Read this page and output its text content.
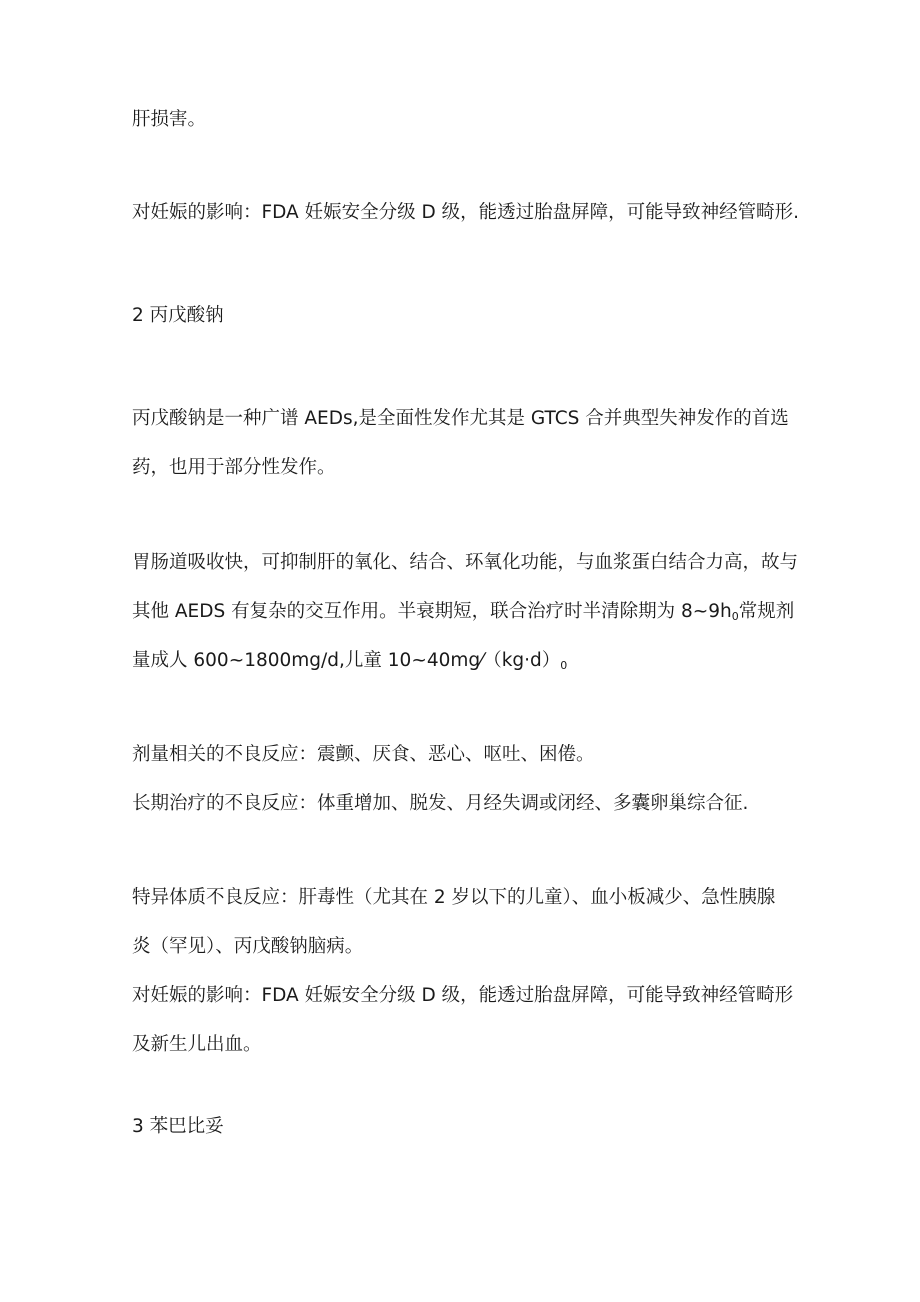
肝损害。
对妊娠的影响：FDA 妊娠安全分级 D 级，能透过胎盘屏障，可能导致神经管畸形.
2 丙戊酸钠
丙戊酸钠是一种广谱 AEDs,是全面性发作尤其是 GTCS 合并典型失神发作的首选
药，也用于部分性发作。
胃肠道吸收快，可抑制肝的氧化、结合、环氧化功能，与血浆蛋白结合力高，故与
其他 AEDS 有复杂的交互作用。半衰期短，联合治疗时半清除期为 $8\sim 9h_0$常规剂
量成人 600~1800mg/d,儿童 $10\sim 40mg⁄(kg\cdot d)_0$
剂量相关的不良反应：震颤、厌食、恶心、呕吐、困倦。
长期治疗的不良反应：体重增加、脱发、月经失调或闭经、多囊卵巢综合征.
特异体质不良反应：肝毒性（尤其在 2 岁以下的儿童）、血小板减少、急性胰腺
炎（罕见）、丙戊酸钠脑病。
对妊娠的影响：FDA 妊娠安全分级 D 级，能透过胎盘屏障，可能导致神经管畸形
及新生儿出血。
3 苯巴比妥
